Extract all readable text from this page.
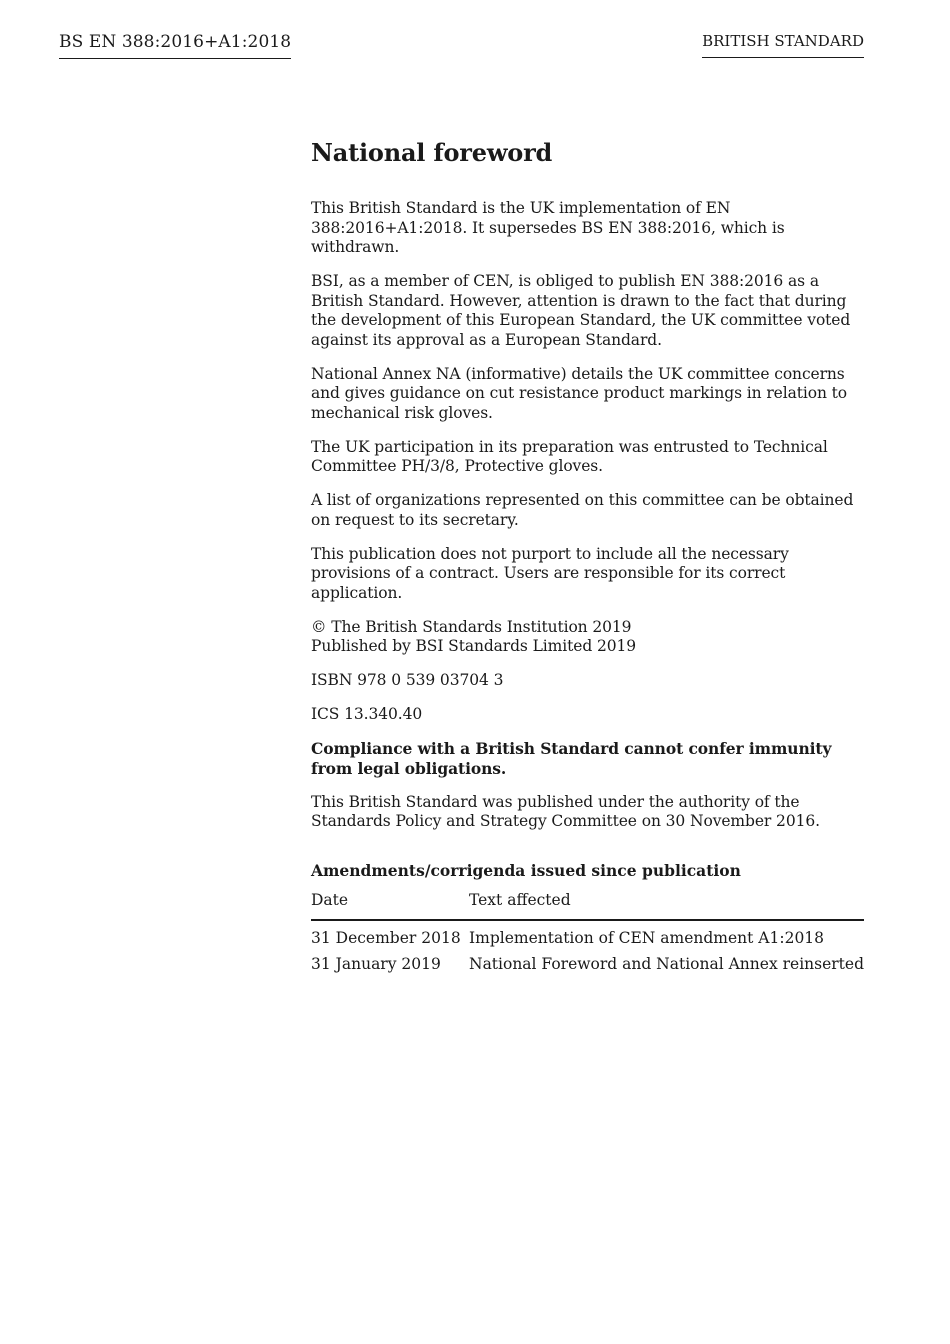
BS EN 388:2016+A1:2018	BRITISH STANDARD
National foreword

This British Standard is the UK implementation of EN 388:2016+A1:2018. It supersedes BS EN 388:2016, which is withdrawn.

BSI, as a member of CEN, is obliged to publish EN 388:2016 as a British Standard. However, attention is drawn to the fact that during the development of this European Standard, the UK committee voted against its approval as a European Standard.

National Annex NA (informative) details the UK committee concerns and gives guidance on cut resistance product markings in relation to mechanical risk gloves.

The UK participation in its preparation was entrusted to Technical Committee PH/3/8, Protective gloves.

A list of organizations represented on this committee can be obtained on request to its secretary.

This publication does not purport to include all the necessary provisions of a contract. Users are responsible for its correct application.

© The British Standards Institution 2019
Published by BSI Standards Limited 2019

ISBN 978 0 539 03704 3

ICS 13.340.40

Compliance with a British Standard cannot confer immunity from legal obligations.

This British Standard was published under the authority of the Standards Policy and Strategy Committee on 30 November 2016.

Amendments/corrigenda issued since publication
Date	Text affected
31 December 2018	Implementation of CEN amendment A1:2018
31 January 2019	National Foreword and National Annex reinserted
